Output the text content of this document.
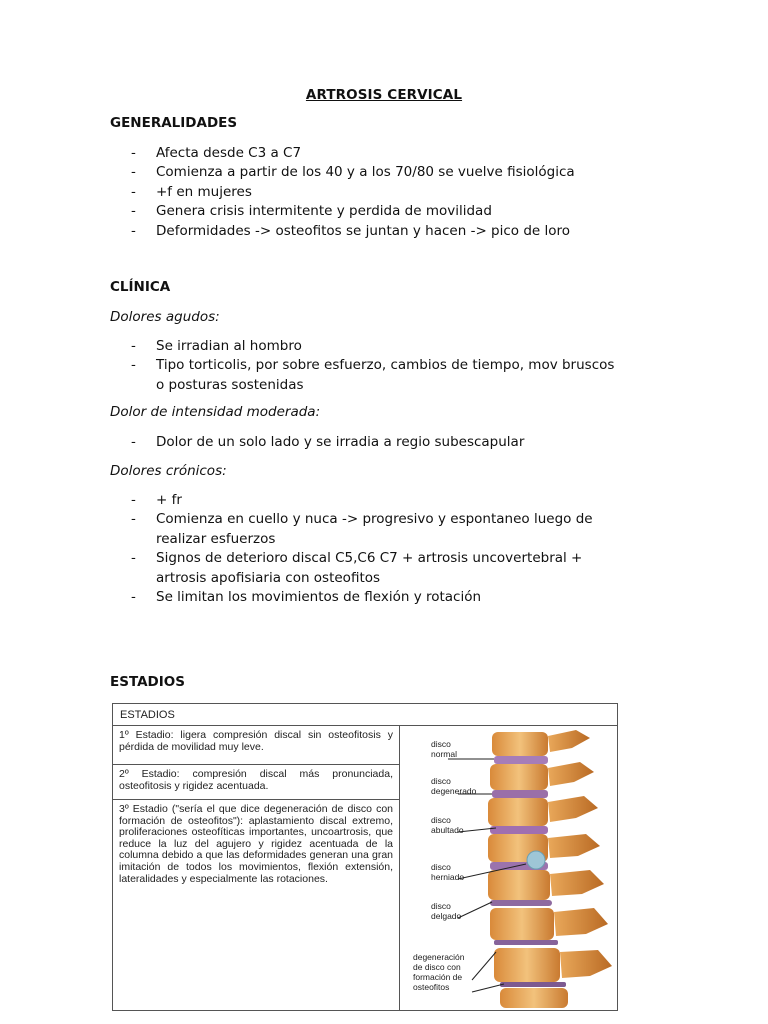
ARTROSIS CERVICAL
GENERALIDADES
- Afecta desde C3 a C7
- Comienza a partir de los 40 y a los 70/80 se vuelve fisiológica
- +f en mujeres
- Genera crisis intermitente y perdida de movilidad
- Deformidades -> osteofitos se juntan y hacen -> pico de loro
CLÍNICA
Dolores agudos:
- Se irradian al hombro
- Tipo torticolis, por sobre esfuerzo, cambios de tiempo, mov bruscos o posturas sostenidas
Dolor de intensidad moderada:
- Dolor de un solo lado y se irradia a regio subescapular
Dolores crónicos:
- + fr
- Comienza en cuello y nuca -> progresivo y espontaneo luego de realizar esfuerzos
- Signos de deterioro discal C5,C6 C7 + artrosis uncovertebral + artrosis apofisiaria con osteofitos
- Se limitan los movimientos de flexión y rotación
ESTADIOS
ESTADIOS
1º Estadio: ligera compresión discal sin osteofitosis y pérdida de movilidad muy leve.
2º Estadio: compresión discal más pronunciada, osteofitosis y rigidez acentuada.
3º Estadio ("sería el que dice degeneración de disco con formación de osteofitos"): aplastamiento discal extremo, proliferaciones osteofíticas importantes, uncoartrosis, que reduce la luz del agujero y rigidez acentuada de la columna debido a que las deformidades generan una gran imitación de todos los movimientos, flexión extensión, lateralidades y especialmente las rotaciones.
disco
normal
disco
degenerado
disco
abultado
disco
herniado
disco
delgado
degeneración
de disco con
formación de
osteofitos
